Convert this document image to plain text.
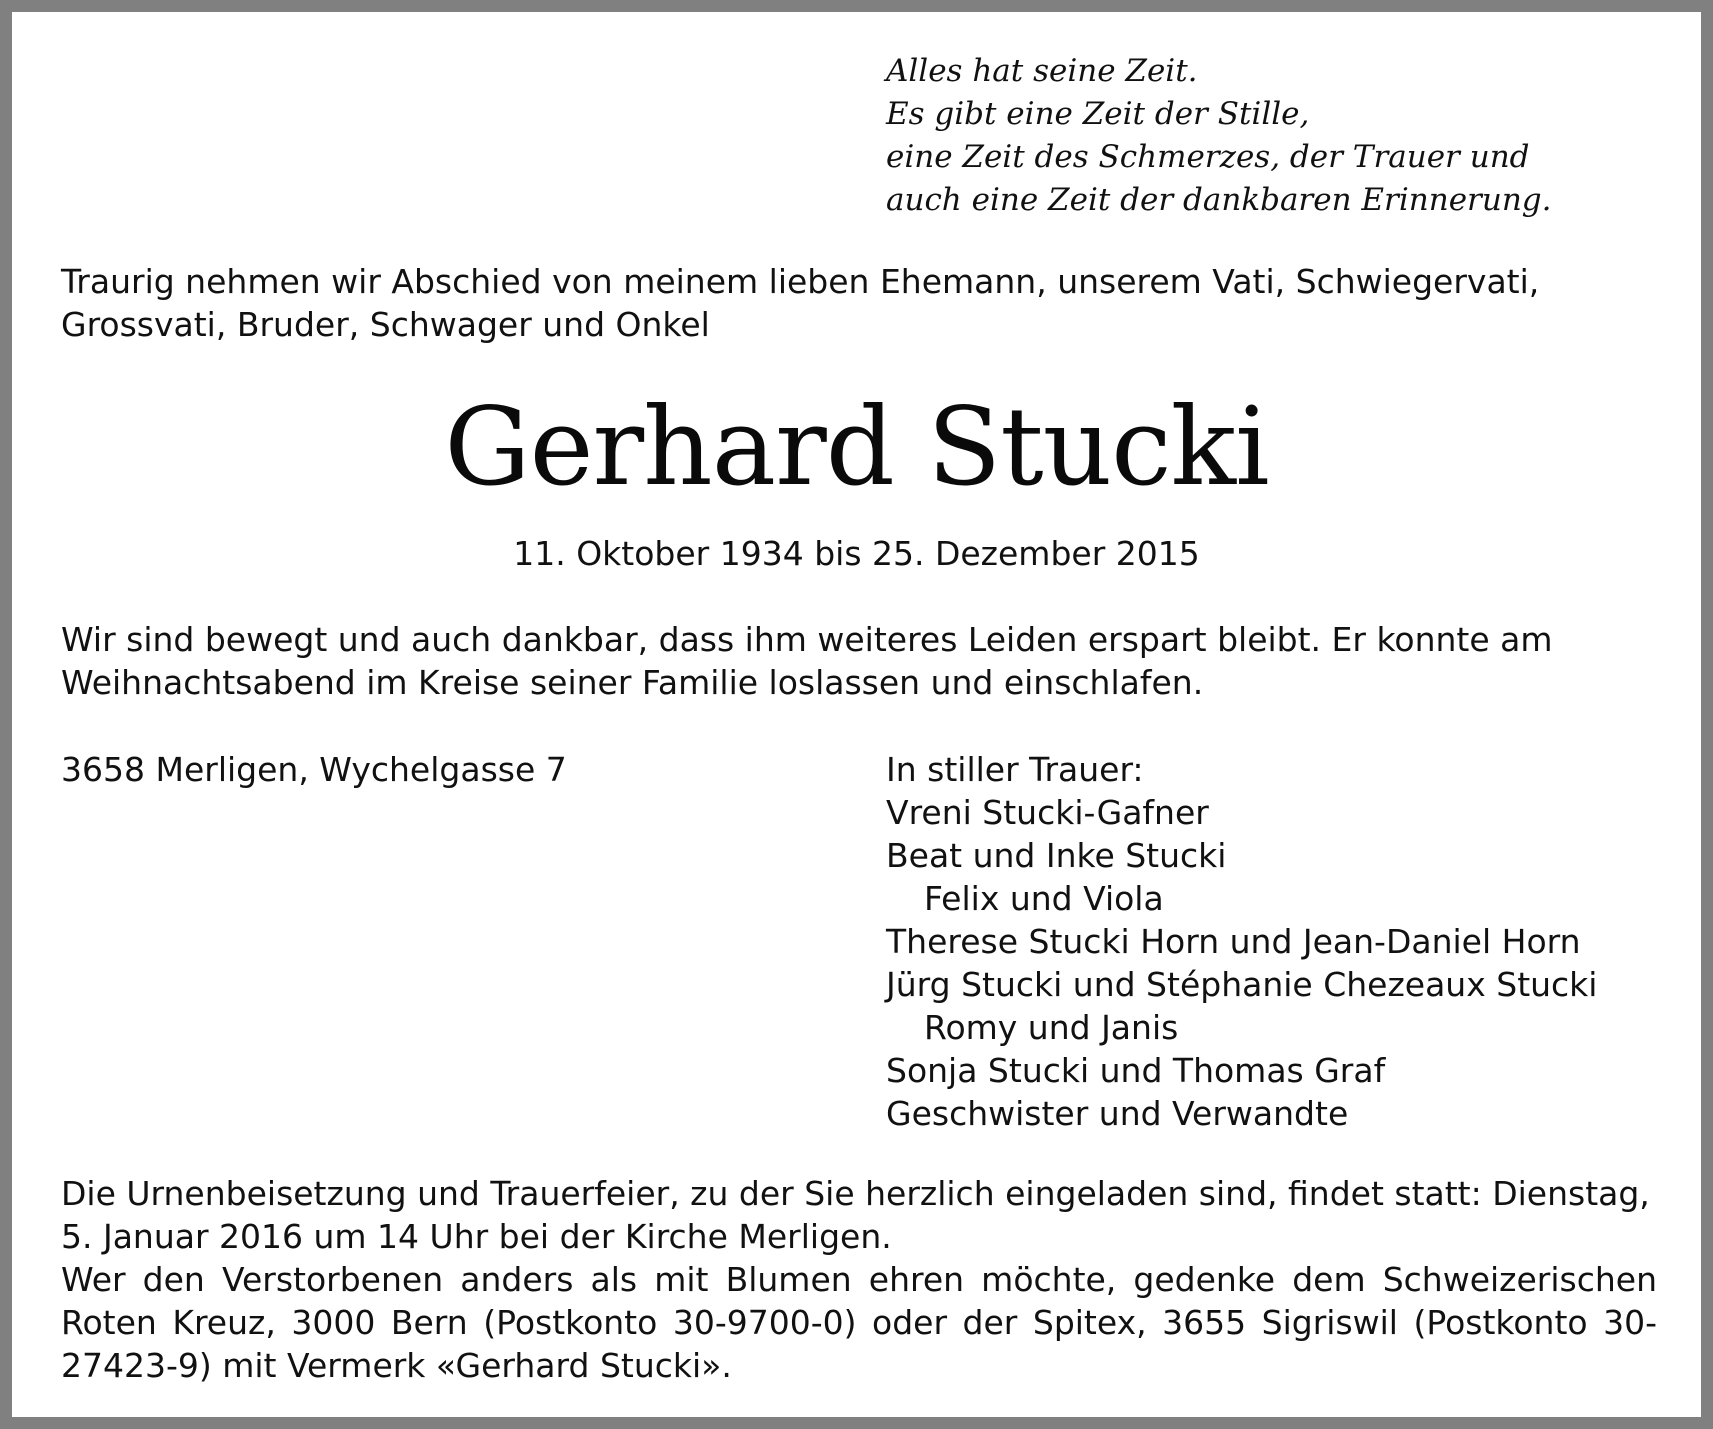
Alles hat seine Zeit.
Es gibt eine Zeit der Stille,
eine Zeit des Schmerzes, der Trauer und
auch eine Zeit der dankbaren Erinnerung.
Traurig nehmen wir Abschied von meinem lieben Ehemann, unserem Vati, Schwiegervati, Grossvati, Bruder, Schwager und Onkel
Gerhard Stucki
11. Oktober 1934 bis 25. Dezember 2015
Wir sind bewegt und auch dankbar, dass ihm weiteres Leiden erspart bleibt. Er konnte am Weihnachtsabend im Kreise seiner Familie loslassen und einschlafen.
3658 Merligen, Wychelgasse 7	In stiller Trauer:
Vreni Stucki-Gafner
Beat und Inke Stucki
Felix und Viola
Therese Stucki Horn und Jean-Daniel Horn
Jürg Stucki und Stéphanie Chezeaux Stucki
Romy und Janis
Sonja Stucki und Thomas Graf
Geschwister und Verwandte
Die Urnenbeisetzung und Trauerfeier, zu der Sie herzlich eingeladen sind, findet statt: Dienstag, 5. Januar 2016 um 14 Uhr bei der Kirche Merligen.
Wer den Verstorbenen anders als mit Blumen ehren möchte, gedenke dem Schweizerischen Roten Kreuz, 3000 Bern (Postkonto 30-9700-0) oder der Spitex, 3655 Sigriswil (Postkonto 30-27423-9) mit Vermerk «Gerhard Stucki».
